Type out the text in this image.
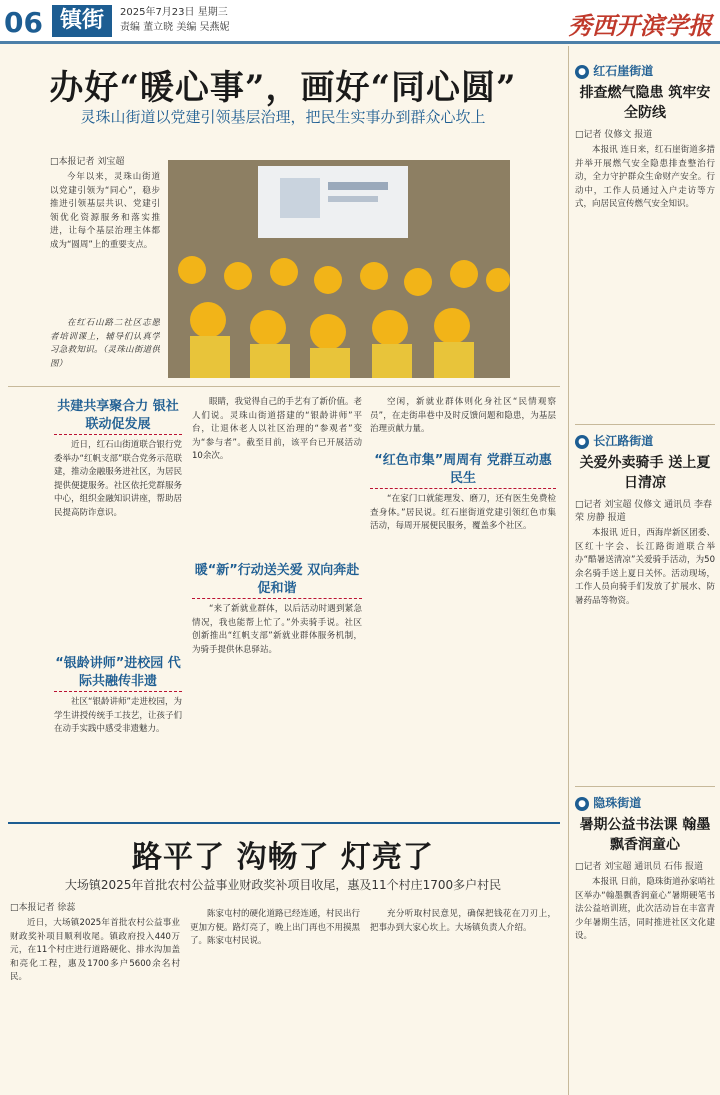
06 镇街	2025年7月23日 星期三
责编 董立晓 美编 吴燕妮	秀西开滨学报
办好“暖心事”，画好“同心圆”
灵珠山街道以党建引领基层治理，把民生实事办到群众心坎上
□本报记者 刘宝超

今年以来，灵珠山街道以党建引领为“同心”，稳步推进引领基层共识、党建引领优化资源服务和落实推进，让每个基层治理主体都成为“圆周”上的重要支点。

在红石山路二社区志愿者培训课上，辅导们认真学习急救知识。（灵珠山街道供图）

共建共享聚合力 银社联动促发展

近日，红石山街道联合银行党委举办“红帆支部”联合党务示范联建，推动金融服务进社区，为居民提供便捷服务。社区依托党群服务中心，组织金融知识讲座，帮助居民提高防诈意识。

“银龄讲师”进校园 代际共融传非遗

社区“银龄讲师”走进校园，为学生讲授传统手工技艺，让孩子们在动手实践中感受非遗魅力。

眼睛，我觉得自己的手艺有了新价值。老人们说。灵珠山街道搭建的“银龄讲师”平台，让退休老人以社区治理的“参观者”变为“参与者”。截至目前，该平台已开展活动10余次。

暖“新”行动送关爱 双向奔赴促和谐

“来了新就业群体，以后活动时遇到紧急情况，我也能帮上忙了。”外卖骑手说。社区创新推出“红帆支部”新就业群体服务机制，为骑手提供休息驿站。

空闲，新就业群体则化身社区“民情观察员”，在走街串巷中及时反馈问题和隐患，为基层治理贡献力量。

“红色市集”周周有 党群互动惠民生

“在家门口就能理发、磨刀，还有医生免费检查身体。”居民说。红石崖街道党建引领红色市集活动，每周开展便民服务，覆盖多个社区。

路平了 沟畅了 灯亮了
大场镇2025年首批农村公益事业财政奖补项目收尾，惠及11个村庄1700多户村民
□本报记者 徐蕊

近日，大场镇2025年首批农村公益事业财政奖补项目顺利收尾。镇政府投入440万元，在11个村庄进行道路硬化、排水沟加盖和亮化工程，惠及1700多户5600余名村民。

陈家屯村的硬化道路已经连通，村民出行更加方便。路灯亮了，晚上出门再也不用摸黑了。陈家屯村民说。

充分听取村民意见，确保把钱花在刀刃上，把事办到大家心坎上。大场镇负责人介绍。

● 红石崖街道
排查燃气隐患 筑牢安全防线
□记者 仪修文 报道

本报讯 连日来，红石崖街道多措并举开展燃气安全隐患排查整治行动，全力守护群众生命财产安全。行动中，工作人员通过入户走访等方式，向居民宣传燃气安全知识。

● 长江路街道
关爱外卖骑手 送上夏日清凉
□记者 刘宝超 仪修文 通讯员 李春荣 房静 报道

本报讯 近日，西海岸新区团委、区红十字会、长江路街道联合举办“酷暑送清凉”关爱骑手活动，为50余名骑手送上夏日关怀。活动现场，工作人员向骑手们发放了扩展水、防暑药品等物资。

● 隐珠街道
暑期公益书法课 翰墨飘香润童心
□记者 刘宝超 通讯员 石伟 报道

本报讯 日前，隐珠街道孙家哨社区举办“翰墨飘香润童心”暑期硬笔书法公益培训班，此次活动旨在丰富青少年暑期生活，同时推进社区文化建设。
